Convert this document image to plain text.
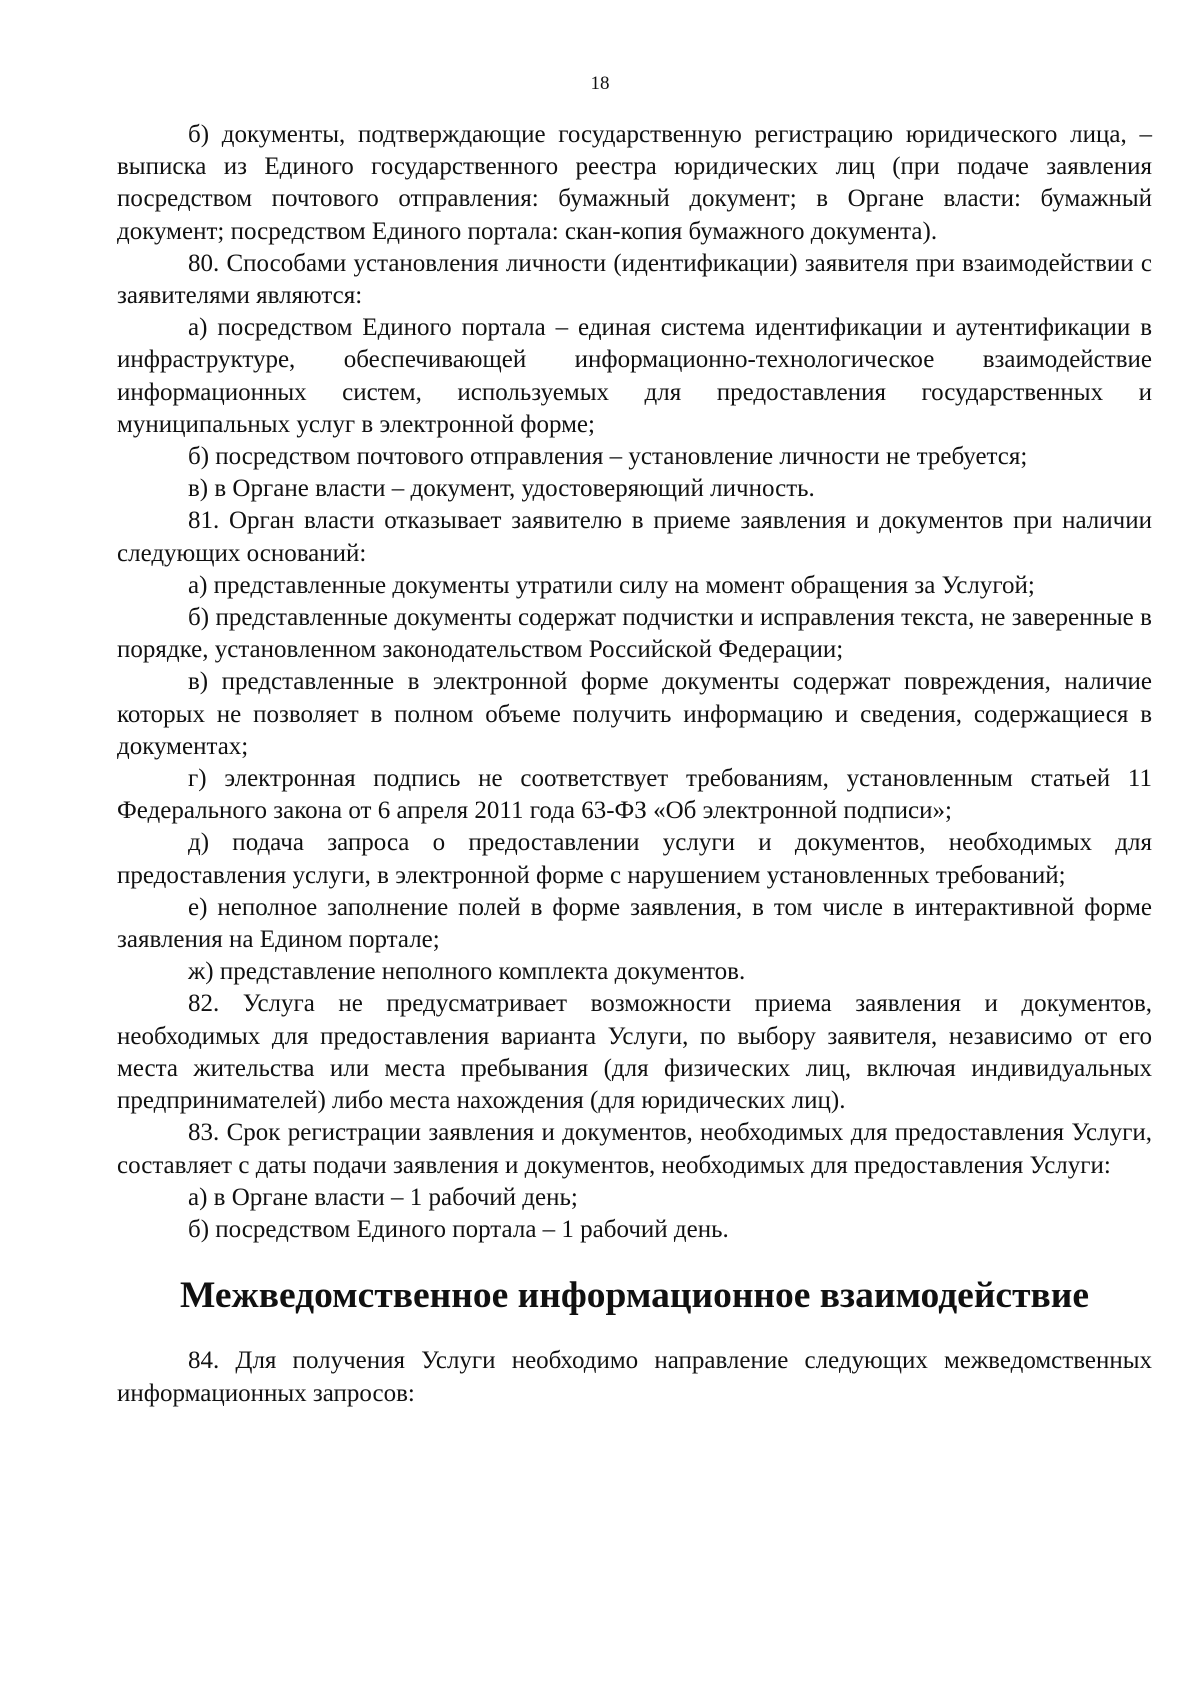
18

б) документы, подтверждающие государственную регистрацию юридического лица, – выписка из Единого государственного реестра юридических лиц (при подаче заявления посредством почтового отправления: бумажный документ; в Органе власти: бумажный документ; посредством Единого портала: скан-копия бумажного документа).

80. Способами установления личности (идентификации) заявителя при взаимодействии с заявителями являются:

а) посредством Единого портала – единая система идентификации и аутентификации в инфраструктуре, обеспечивающей информационно-технологическое взаимодействие информационных систем, используемых для предоставления государственных и муниципальных услуг в электронной форме;

б) посредством почтового отправления – установление личности не требуется;

в) в Органе власти – документ, удостоверяющий личность.

81. Орган власти отказывает заявителю в приеме заявления и документов при наличии следующих оснований:

а) представленные документы утратили силу на момент обращения за Услугой;

б) представленные документы содержат подчистки и исправления текста, не заверенные в порядке, установленном законодательством Российской Федерации;

в) представленные в электронной форме документы содержат повреждения, наличие которых не позволяет в полном объеме получить информацию и сведения, содержащиеся в документах;

г) электронная подпись не соответствует требованиям, установленным статьей 11 Федерального закона от 6 апреля 2011 года 63-ФЗ «Об электронной подписи»;

д) подача запроса о предоставлении услуги и документов, необходимых для предоставления услуги, в электронной форме с нарушением установленных требований;

е) неполное заполнение полей в форме заявления, в том числе в интерактивной форме заявления на Едином портале;

ж) представление неполного комплекта документов.

82. Услуга не предусматривает возможности приема заявления и документов, необходимых для предоставления варианта Услуги, по выбору заявителя, независимо от его места жительства или места пребывания (для физических лиц, включая индивидуальных предпринимателей) либо места нахождения (для юридических лиц).

83. Срок регистрации заявления и документов, необходимых для предоставления Услуги, составляет с даты подачи заявления и документов, необходимых для предоставления Услуги:

а) в Органе власти – 1 рабочий день;

б) посредством Единого портала – 1 рабочий день.

Межведомственное информационное взаимодействие

84. Для получения Услуги необходимо направление следующих межведомственных информационных запросов:
